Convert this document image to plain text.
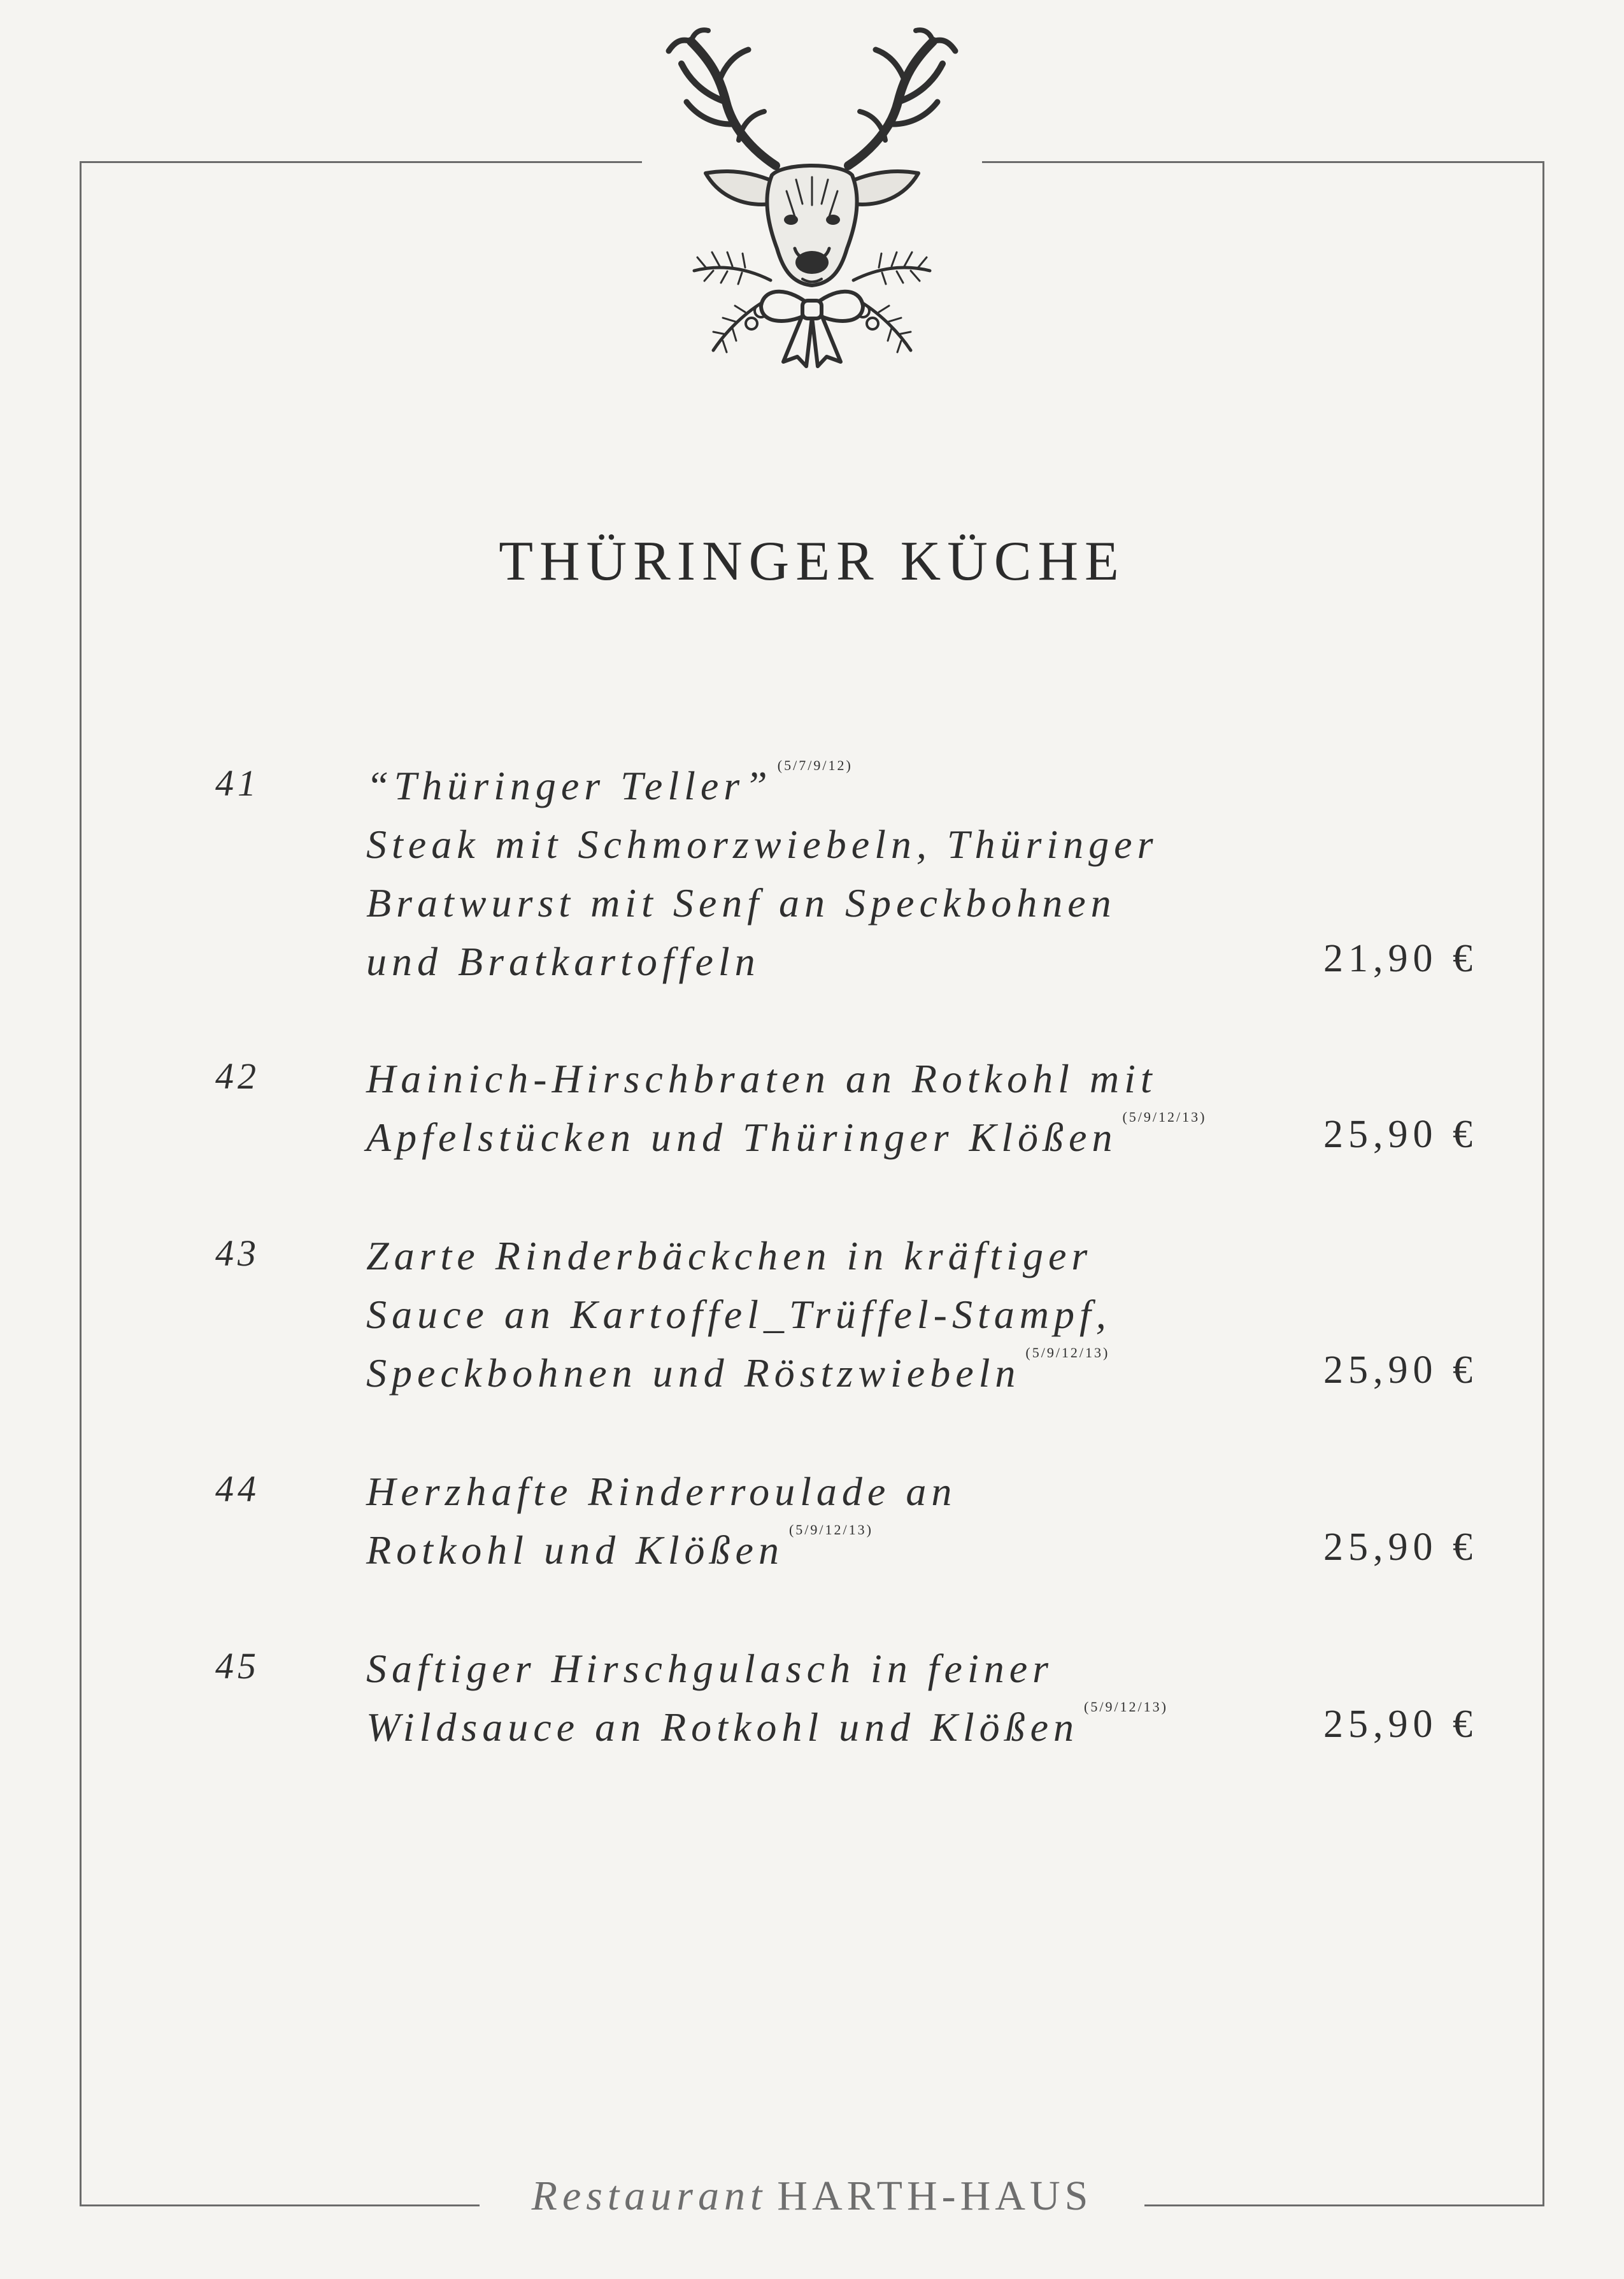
THÜRINGER KÜCHE
41	“Thüringer Teller” $^{(5/7/9/12)}$
Steak mit Schmorzwiebeln, Thüringer
Bratwurst mit Senf an Speckbohnen
und Bratkartoffeln	21,90 €
42	Hainich-Hirschbraten an Rotkohl mit
Apfelstücken und Thüringer Klößen $^{(5/9/12/13)}$	25,90 €
43	Zarte Rinderbäckchen in kräftiger
Sauce an Kartoffel_Trüffel-Stampf,
Speckbohnen und Röstzwiebeln $^{(5/9/12/13)}$	25,90 €
44	Herzhafte Rinderroulade an
Rotkohl und Klößen $^{(5/9/12/13)}$	25,90 €
45	Saftiger Hirschgulasch in feiner
Wildsauce an Rotkohl und Klößen $^{(5/9/12/13)}$	25,90 €
Restaurant HARTH-HAUS
